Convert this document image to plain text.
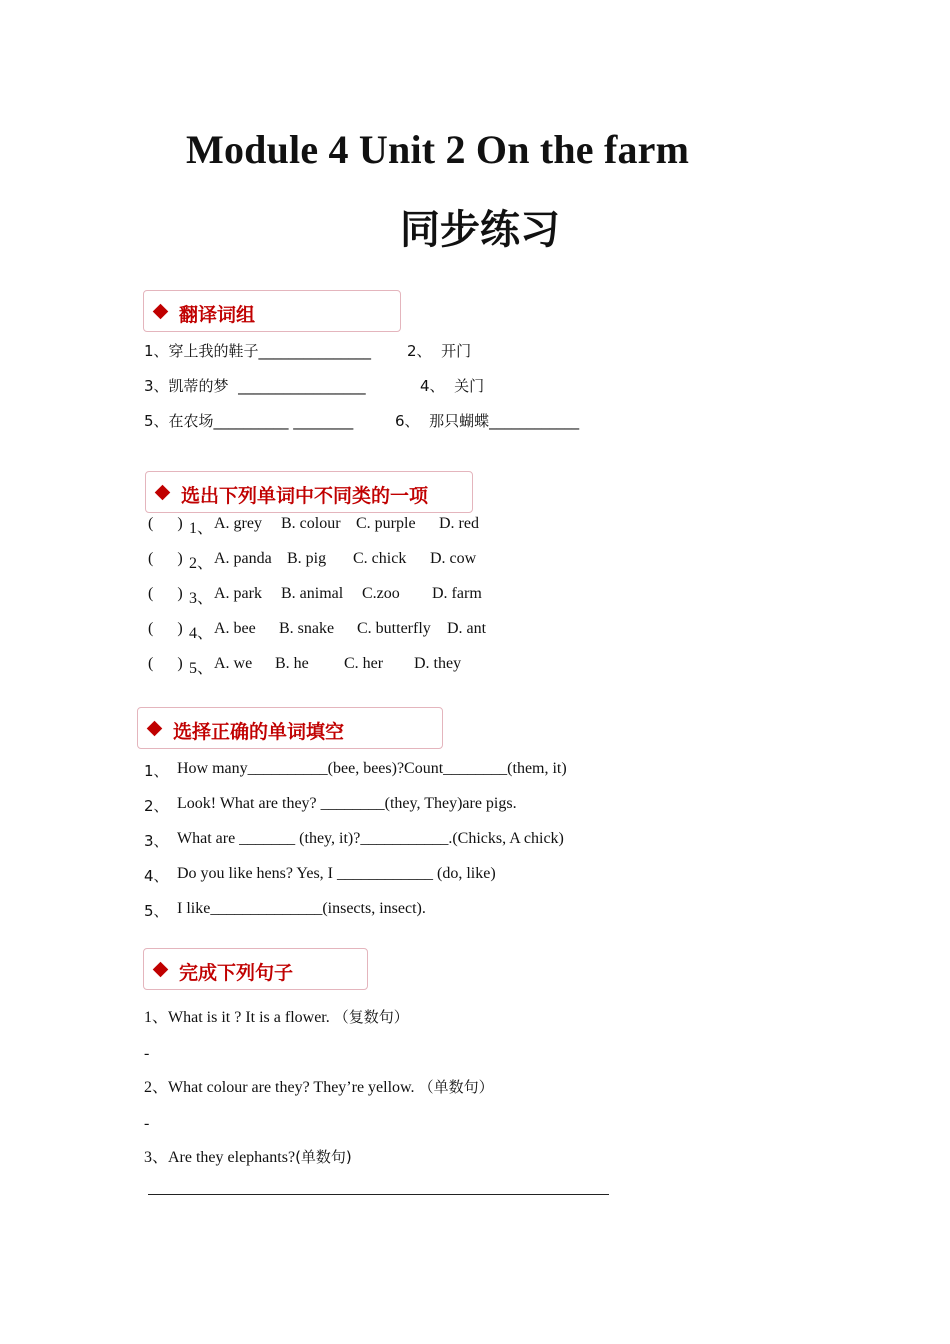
Module 4 Unit 2 On the farm
同步练习
翻译词组
1、穿上我的鞋子_______________ 2、  开门
3、凯蒂的梦  _________________	4、  关门
5、在农场__________ ________	6、  那只蝴蝶____________
选出下列单词中不同类的一项
(      ) 1、 A. grey B. colour C. purple D. red
(      ) 2、 A. panda B. pig C. chick D. cow
(      ) 3、 A. park B. animal C.zoo D. farm
(      ) 4、 A. bee B. snake C. butterfly D. ant
(      ) 5、 A. we B. he C. her D. they
选择正确的单词填空
1、 How many__________(bee, bees)?Count________(them, it)
2、 Look! What are they? ________(they, They)are pigs.
3、 What are _______ (they, it)?___________.(Chicks, A chick)
4、 Do you like hens? Yes, I ____________ (do, like)
5、 I like______________(insects, insect).
完成下列句子
1、What is it ? It is a flower. （复数句）
-
2、What colour are they? They’re yellow. （单数句）
-
3、Are they elephants?(单数句)
